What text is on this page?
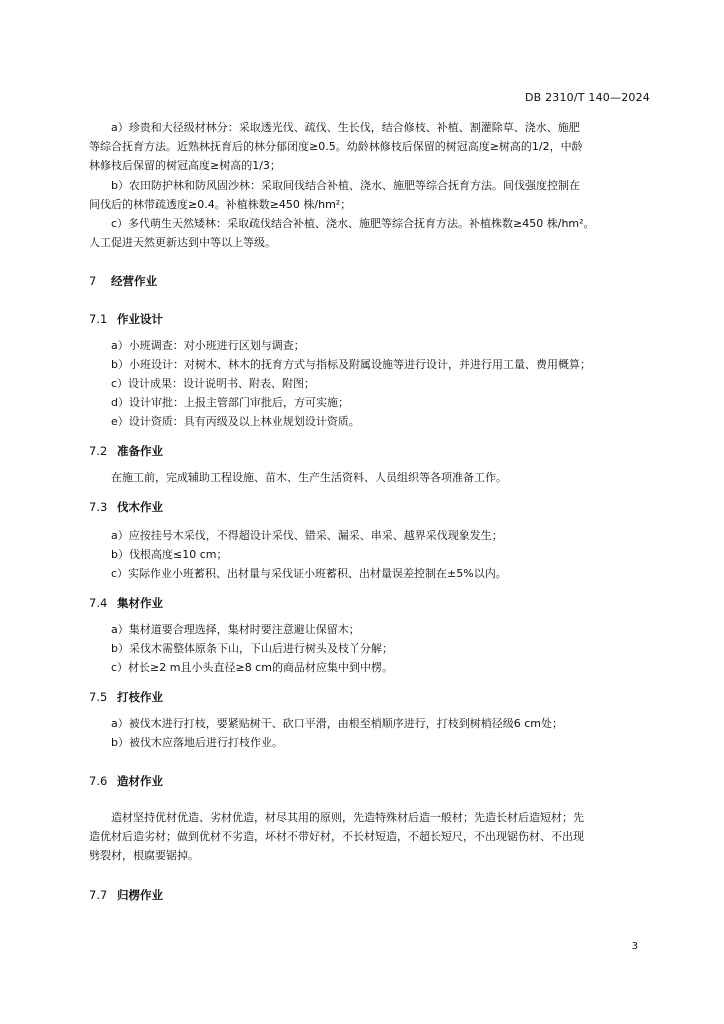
DB 2310/T 140—2024
a）珍贵和大径级材林分：采取透光伐、疏伐、生长伐，结合修枝、补植、割灌除草、浇水、施肥
等综合抚育方法。近熟林抚育后的林分郁闭度≥0.5。幼龄林修枝后保留的树冠高度≥树高的1/2，中龄
林修枝后保留的树冠高度≥树高的1/3；
b）农田防护林和防风固沙林：采取间伐结合补植、浇水、施肥等综合抚育方法。间伐强度控制在
间伐后的林带疏透度≥0.4。补植株数≥450 株/hm²；
c）多代萌生天然矮林：采取疏伐结合补植、浇水、施肥等综合抚育方法。补植株数≥450 株/hm²。
人工促进天然更新达到中等以上等级。
7 经营作业
7.1 作业设计
a）小班调查：对小班进行区划与调查；
b）小班设计：对树木、林木的抚育方式与指标及附属设施等进行设计，并进行用工量、费用概算；
c）设计成果：设计说明书、附表、附图；
d）设计审批：上报主管部门审批后，方可实施；
e）设计资质：具有丙级及以上林业规划设计资质。
7.2 准备作业
在施工前，完成辅助工程设施、苗木、生产生活资料、人员组织等各项准备工作。
7.3 伐木作业
a）应按挂号木采伐，不得超设计采伐、错采、漏采、串采、越界采伐现象发生；
b）伐根高度≤10 cm；
c）实际作业小班蓄积、出材量与采伐证小班蓄积、出材量误差控制在±5%以内。
7.4 集材作业
a）集材道要合理选择，集材时要注意避让保留木；
b）采伐木需整体原条下山，下山后进行树头及枝丫分解；
c）材长≥2 m且小头直径≥8 cm的商品材应集中到中楞。
7.5 打枝作业
a）被伐木进行打枝，要紧贴树干、砍口平滑，由根至梢顺序进行，打枝到树梢径级6 cm处；
b）被伐木应落地后进行打枝作业。
7.6 造材作业
造材坚持优材优造、劣材优造，材尽其用的原则，先造特殊材后造一般材；先造长材后造短材；先
造优材后造劣材；做到优材不劣造，坏材不带好材，不长材短造，不超长短尺，不出现锯伤材、不出现
劈裂材，根腐要锯掉。
7.7 归楞作业
3
